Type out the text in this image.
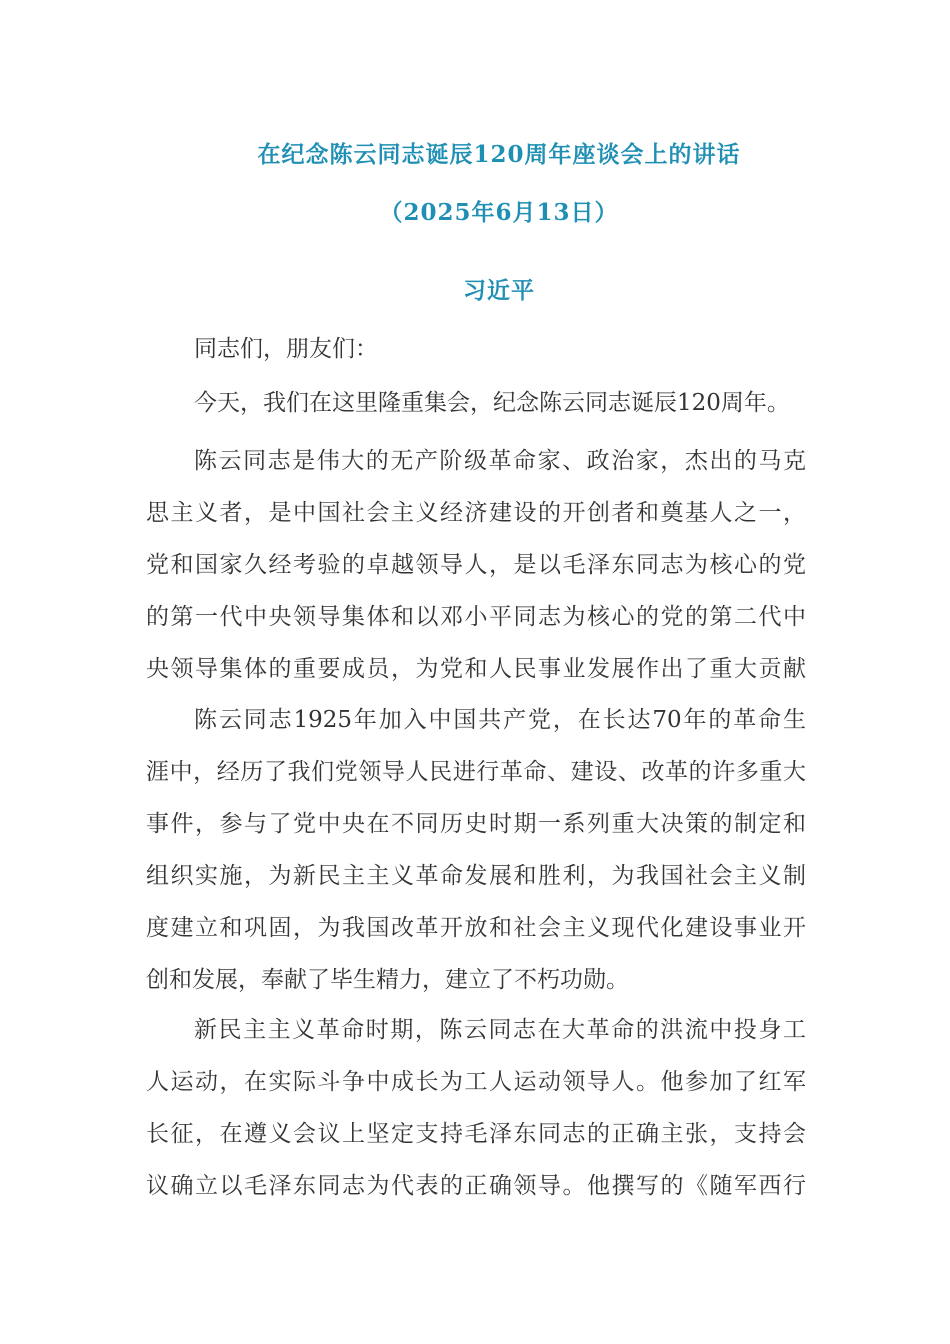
在纪念陈云同志诞辰120周年座谈会上的讲话
（2025年6月13日）
习近平
同志们，朋友们：
今天，我们在这里隆重集会，纪念陈云同志诞辰120周年。
陈云同志是伟大的无产阶级革命家、政治家，杰出的马克
思主义者，是中国社会主义经济建设的开创者和奠基人之一，
党和国家久经考验的卓越领导人，是以毛泽东同志为核心的党
的第一代中央领导集体和以邓小平同志为核心的党的第二代中
央领导集体的重要成员，为党和人民事业发展作出了重大贡献
陈云同志1925年加入中国共产党，在长达70年的革命生
涯中，经历了我们党领导人民进行革命、建设、改革的许多重大
事件，参与了党中央在不同历史时期一系列重大决策的制定和
组织实施，为新民主主义革命发展和胜利，为我国社会主义制
度建立和巩固，为我国改革开放和社会主义现代化建设事业开
创和发展，奉献了毕生精力，建立了不朽功勋。
新民主主义革命时期，陈云同志在大革命的洪流中投身工
人运动，在实际斗争中成长为工人运动领导人。他参加了红军
长征，在遵义会议上坚定支持毛泽东同志的正确主张，支持会
议确立以毛泽东同志为代表的正确领导。他撰写的《随军西行
